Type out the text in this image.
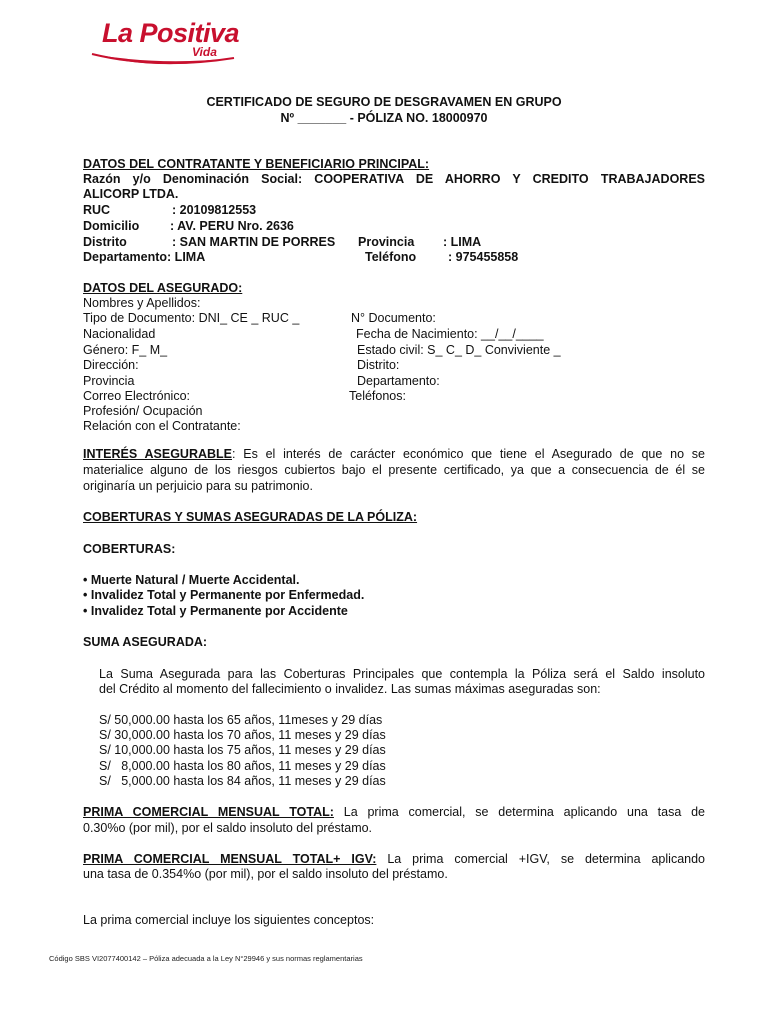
La Positiva
Vida
CERTIFICADO DE SEGURO DE DESGRAVAMEN EN GRUPO
Nº _______ - PÓLIZA NO. 18000970
DATOS DEL CONTRATANTE Y BENEFICIARIO PRINCIPAL:
Razón y/o Denominación Social: COOPERATIVA DE AHORRO Y CREDITO TRABAJADORES
ALICORP LTDA.
RUC	: 20109812553
Domicilio : AV. PERU Nro. 2636
Distrito	: SAN MARTIN DE PORRES Provincia : LIMA
Departamento: LIMA	Teléfono	: 975455858
DATOS DEL ASEGURADO:
Nombres y Apellidos:
Tipo de Documento: DNI_ CE _ RUC _	N° Documento:
Nacionalidad	Fecha de Nacimiento: __/__/____
Género: F_ M_	Estado civil: S_ C_ D_ Conviviente _
Dirección:	Distrito:
Provincia	Departamento:
Correo Electrónico:	Teléfonos:
Profesión/ Ocupación
Relación con el Contratante:
INTERÉS ASEGURABLE: Es el interés de carácter económico que tiene el Asegurado de que no se
materialice alguno de los riesgos cubiertos bajo el presente certificado, ya que a consecuencia de él se
originaría un perjuicio para su patrimonio.
COBERTURAS Y SUMAS ASEGURADAS DE LA PÓLIZA:
COBERTURAS:
• Muerte Natural / Muerte Accidental.
• Invalidez Total y Permanente por Enfermedad.
• Invalidez Total y Permanente por Accidente
SUMA ASEGURADA:
La Suma Asegurada para las Coberturas Principales que contempla la Póliza será el Saldo insoluto
del Crédito al momento del fallecimiento o invalidez. Las sumas máximas aseguradas son:
S/ 50,000.00 hasta los 65 años, 11meses y 29 días
S/ 30,000.00 hasta los 70 años, 11 meses y 29 días
S/ 10,000.00 hasta los 75 años, 11 meses y 29 días
S/   8,000.00 hasta los 80 años, 11 meses y 29 días
S/   5,000.00 hasta los 84 años, 11 meses y 29 días
PRIMA COMERCIAL MENSUAL TOTAL: La prima comercial, se determina aplicando una tasa de
0.30%o (por mil), por el saldo insoluto del préstamo.
PRIMA COMERCIAL MENSUAL TOTAL+ IGV: La prima comercial +IGV, se determina aplicando
una tasa de 0.354%o (por mil), por el saldo insoluto del préstamo.
La prima comercial incluye los siguientes conceptos:
Código SBS VI2077400142 – Póliza adecuada a la Ley N°29946 y sus normas reglamentarias
